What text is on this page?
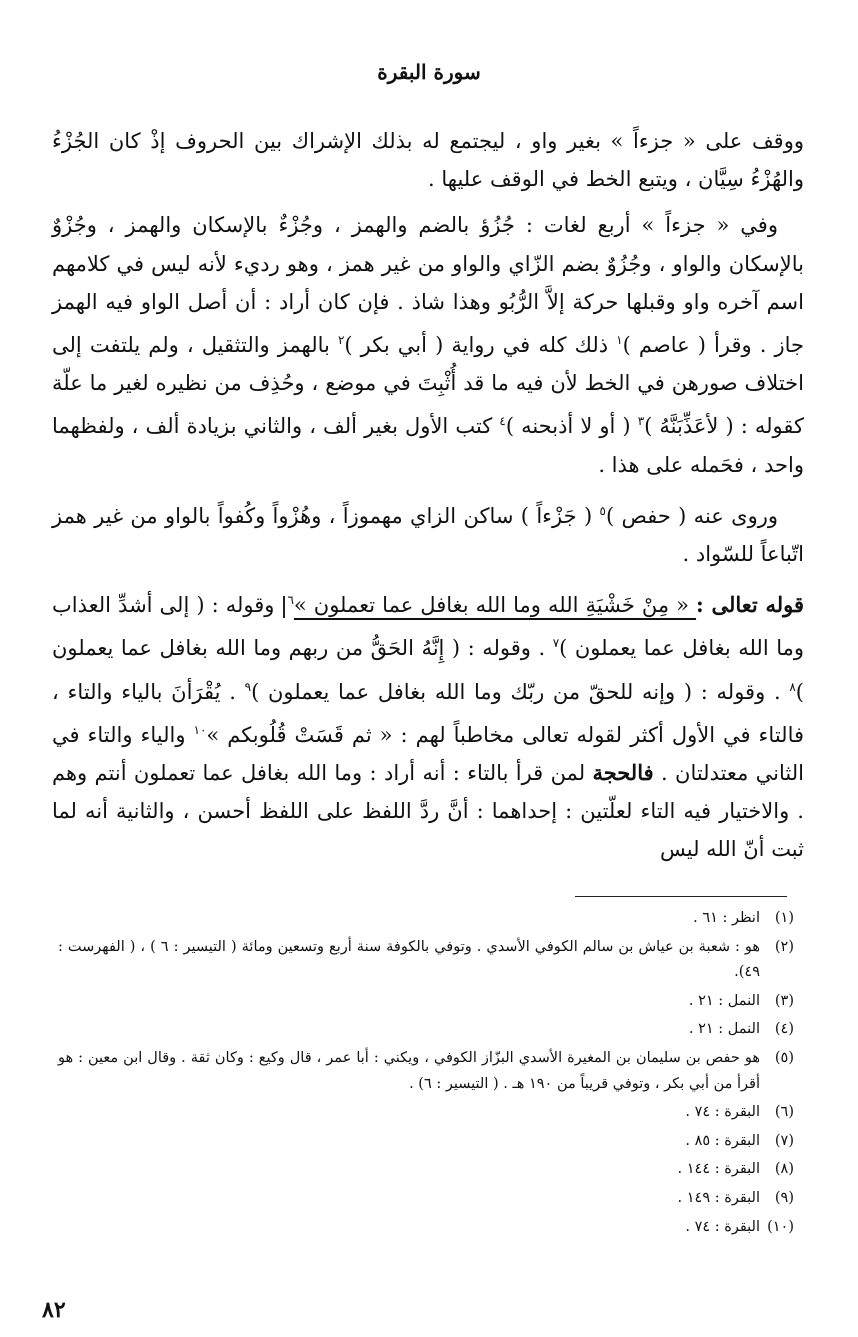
سورة البقرة

ووقف على « جزءاً » بغير واو ، ليجتمع له بذلك الإشراك بين الحروف إذْ كان الجُزْءُ والهُزْءُ سِيَّان ، ويتبع الخط في الوقف عليها .

وفي « جزءاً » أربع لغات : جُزُؤ بالضم والهمز ، وجُزْءٌ بالإسكان والهمز ، وجُزْوٌ بالإسكان والواو ، وجُزُوٌ بضم الزّاي والواو من غير همز ، وهو رديء لأنه ليس في كلامهم اسم آخره واو وقبلها حركة إلاَّ الرُّبُو وهذا شاذ . فإن كان أراد : أن أصل الواو فيه الهمز جاز . وقرأ ( عاصم )$^١$ ذلك كله في رواية ( أبي بكر )$^٢$ بالهمز والتثقيل ، ولم يلتفت إلى اختلاف صورهن في الخط لأن فيه ما قد أُثْبِتَ في موضع ، وحُذِف من نظيره لغير ما علّة كقوله : ( لأعَذِّبَنَّهُ )$^٣$ ( أو لا أذبحنه )$^٤$ كتب الأول بغير ألف ، والثاني بزيادة ألف ، ولفظهما واحد ، فحَمله على هذا .

وروى عنه ( حفص )$^٥$ ( جَزْءاً ) ساكن الزاي مهموزاً ، وهُزْواً وكُفواً بالواو من غير همز اتّباعاً للسّواد .

قوله تعالى : « مِنْ خَشْيَةِ الله وما الله بغافل عما تعملون »$^٦$ وقوله : ( إلى أشدِّ العذاب وما الله بغافل عما يعملون )$^٧$ . وقوله : ( إِنَّهُ الحَقُّ من ربهم وما الله بغافل عما يعملون )$^٨$ . وقوله : ( وإنه للحقّ من ربّك وما الله بغافل عما يعملون )$^٩$ . يُقْرَأنَ بالياء والتاء ، فالتاء في الأول أكثر لقوله تعالى مخاطباً لهم : « ثم قَسَتْ قُلُوبكم »$^{١٠}$ والياء والتاء في الثاني معتدلتان . فالحجة لمن قرأ بالتاء : أنه أراد : وما الله بغافل عما تعملون أنتم وهم . والاختيار فيه التاء لعلّتين : إحداهما : أنَّ ردَّ اللفظ على اللفظ أحسن ، والثانية أنه لما ثبت أنّ الله ليس

(١)
انظر : ٦١ .
(٢)
هو : شعبة بن عياش بن سالم الكوفي الأسدي . وتوفي بالكوفة سنة أربع وتسعين ومائة ( التيسير : ٦ ) ، ( الفهرست : ٤٩).
(٣)
النمل : ٢١ .
(٤)
النمل : ٢١ .
(٥)
هو حفص بن سليمان بن المغيرة الأسدي البزّاز الكوفي ، ويكني : أبا عمر ، قال وكيع : وكان ثقة . وقال ابن معين : هو أقرأ من أبي بكر ، وتوفي قريباً من ١٩٠ هـ . ( التيسير : ٦) .
(٦)
البقرة : ٧٤ .
(٧)
البقرة : ٨٥ .
(٨)
البقرة : ١٤٤ .
(٩)
البقرة : ١٤٩ .
(١٠)
البقرة : ٧٤ .
٨٢
